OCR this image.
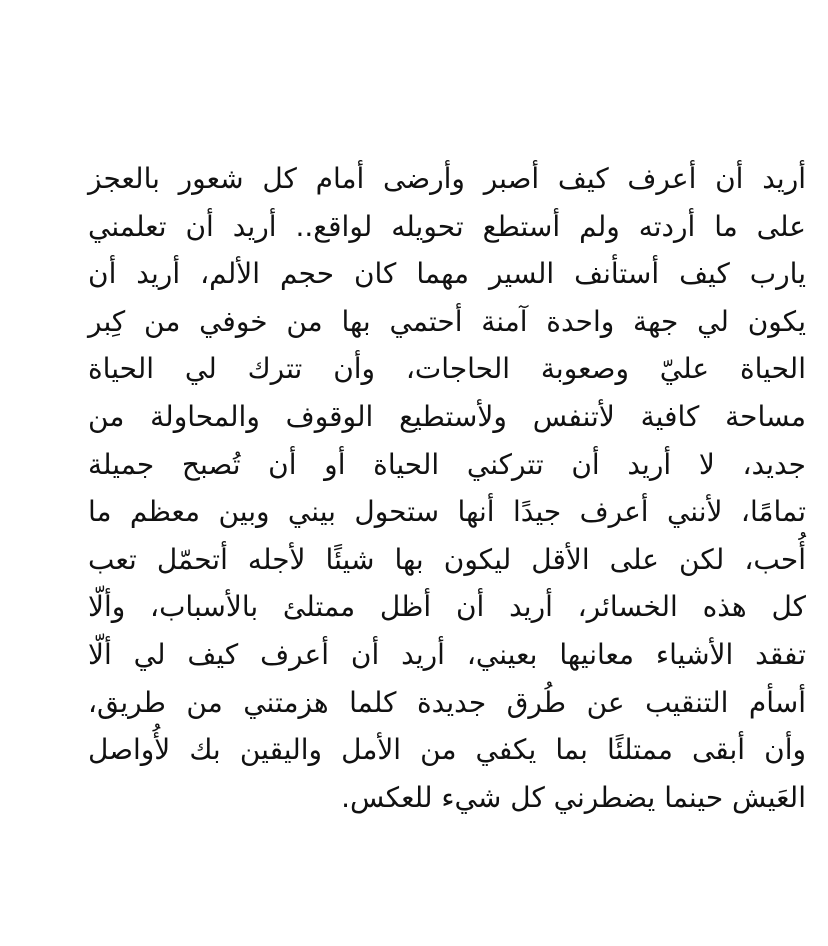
أريد أن أعرف كيف أصبر وأرضى أمام كل شعور بالعجز
على ما أردته ولم أستطع تحويله لواقع.. أريد أن تعلمني
يارب كيف أستأنف السير مهما كان حجم الألم، أريد أن
يكون لي جهة واحدة آمنة أحتمي بها من خوفي من كِبر
الحياة عليّ وصعوبة الحاجات، وأن تترك لي الحياة
مساحة كافية لأتنفس ولأستطيع الوقوف والمحاولة من
جديد، لا أريد أن تتركني الحياة أو أن تُصبح جميلة
تمامًا، لأنني أعرف جيدًا أنها ستحول بيني وبين معظم ما
أُحب، لكن على الأقل ليكون بها شيئًا لأجله أتحمّل تعب
كل هذه الخسائر، أريد أن أظل ممتلئ بالأسباب، وألّا
تفقد الأشياء معانيها بعيني، أريد أن أعرف كيف لي ألّا
أسأم التنقيب عن طُرق جديدة كلما هزمتني من طريق،
وأن أبقى ممتلئًا بما يكفي من الأمل واليقين بك لأُواصل
العَيش حينما يضطرني كل شيء للعكس.
